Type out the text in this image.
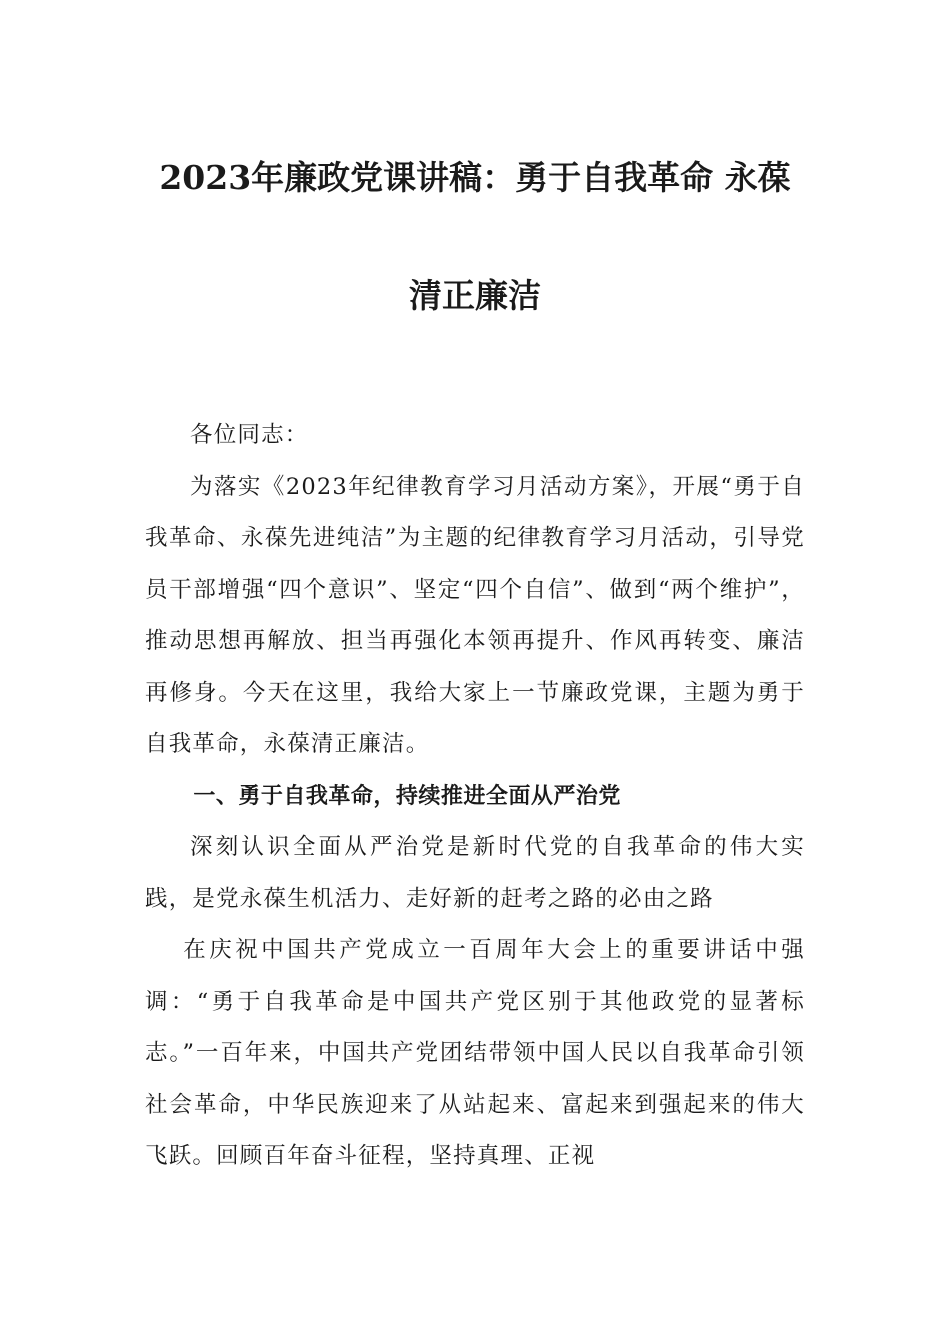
2023年廉政党课讲稿：勇于自我革命 永葆
清正廉洁

各位同志：

为落实《2023年纪律教育学习月活动方案》，开展“勇于自我革命、永葆先进纯洁”为主题的纪律教育学习月活动，引导党员干部增强“四个意识”、坚定“四个自信”、做到“两个维护”，推动思想再解放、担当再强化本领再提升、作风再转变、廉洁再修身。今天在这里，我给大家上一节廉政党课，主题为勇于自我革命，永葆清正廉洁。

一、勇于自我革命，持续推进全面从严治党

深刻认识全面从严治党是新时代党的自我革命的伟大实践，是党永葆生机活力、走好新的赶考之路的必由之路

在庆祝中国共产党成立一百周年大会上的重要讲话中强调：“勇于自我革命是中国共产党区别于其他政党的显著标志。”一百年来，中国共产党团结带领中国人民以自我革命引领社会革命，中华民族迎来了从站起来、富起来到强起来的伟大飞跃。回顾百年奋斗征程，坚持真理、正视
